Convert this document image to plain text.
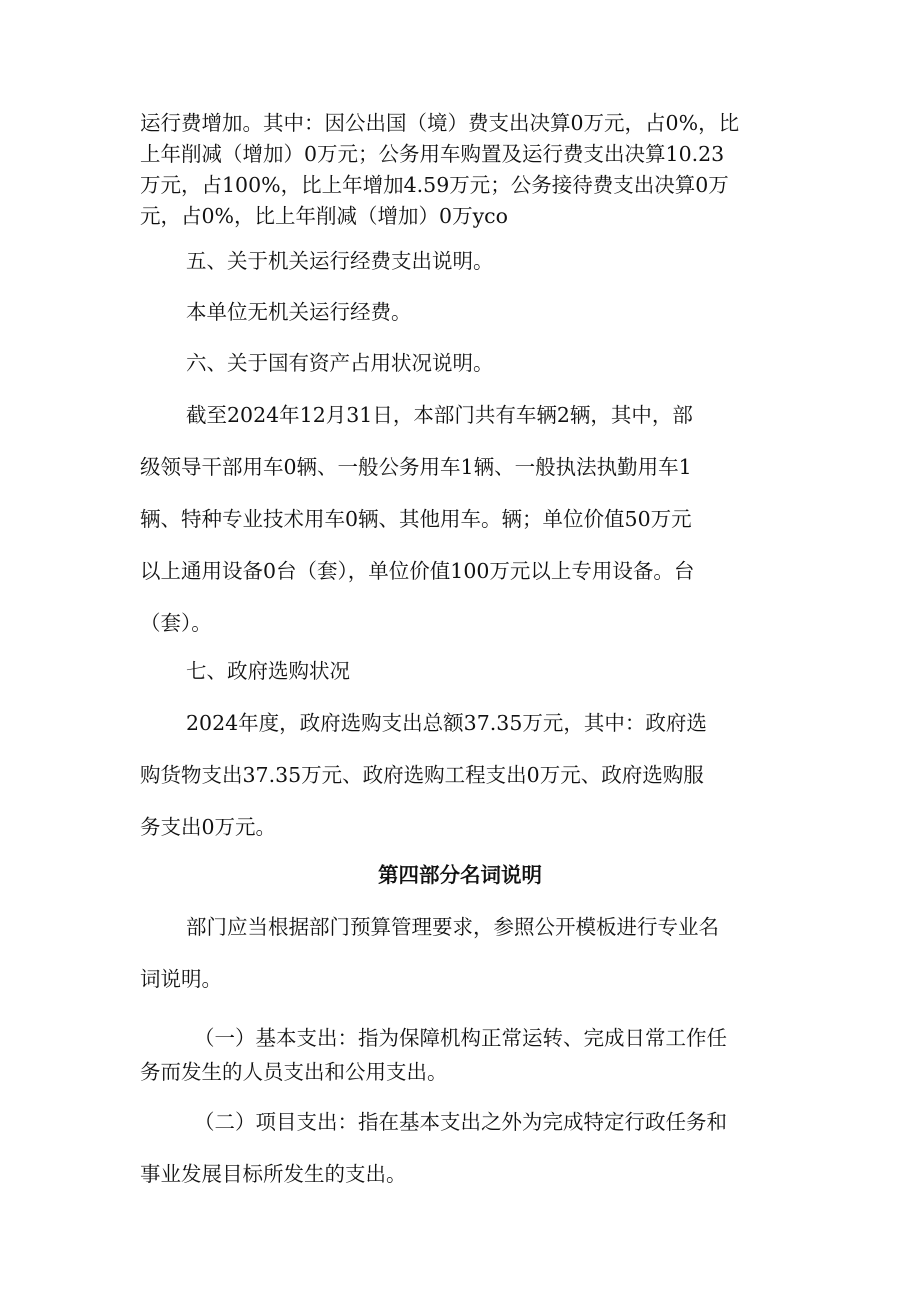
运行费增加。其中：因公出国（境）费支出决算0万元，占0%，比
上年削减（增加）0万元；公务用车购置及运行费支出决算10.23
万元，占100%，比上年增加4.59万元；公务接待费支出决算0万
元，占0%，比上年削减（增加）0万yco

五、关于机关运行经费支出说明。

本单位无机关运行经费。

六、关于国有资产占用状况说明。

截至2024年12月31日，本部门共有车辆2辆，其中，部
级领导干部用车0辆、一般公务用车1辆、一般执法执勤用车1
辆、特种专业技术用车0辆、其他用车。辆；单位价值50万元
以上通用设备0台（套），单位价值100万元以上专用设备。台
（套）。

七、政府选购状况

2024年度，政府选购支出总额37.35万元，其中：政府选
购货物支出37.35万元、政府选购工程支出0万元、政府选购服
务支出0万元。

第四部分名词说明

部门应当根据部门预算管理要求，参照公开模板进行专业名
词说明。

（一）基本支出：指为保障机构正常运转、完成日常工作任
务而发生的人员支出和公用支出。

（二）项目支出：指在基本支出之外为完成特定行政任务和
事业发展目标所发生的支出。
